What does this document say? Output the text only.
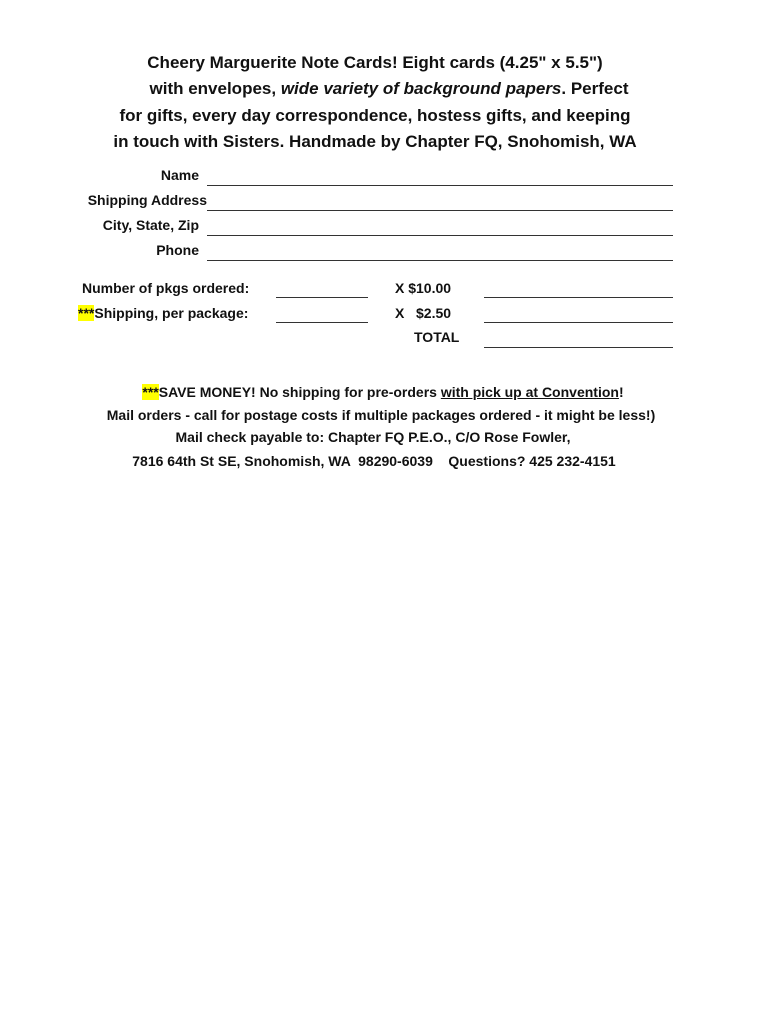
Cheery Marguerite Note Cards! Eight cards (4.25" x 5.5")
with envelopes, wide variety of background papers. Perfect
for gifts, every day correspondence, hostess gifts, and keeping
in touch with Sisters. Handmade by Chapter FQ, Snohomish, WA
Name
Shipping Address
City, State, Zip
Phone
Number of pkgs ordered:	X $10.00
***Shipping, per package:	X   $2.50
TOTAL
***SAVE MONEY! No shipping for pre-orders with pick up at Convention!
Mail orders - call for postage costs if multiple packages ordered - it might be less!)
Mail check payable to: Chapter FQ P.E.O., C/O Rose Fowler,
7816 64th St SE, Snohomish, WA  98290-6039    Questions? 425 232-4151
